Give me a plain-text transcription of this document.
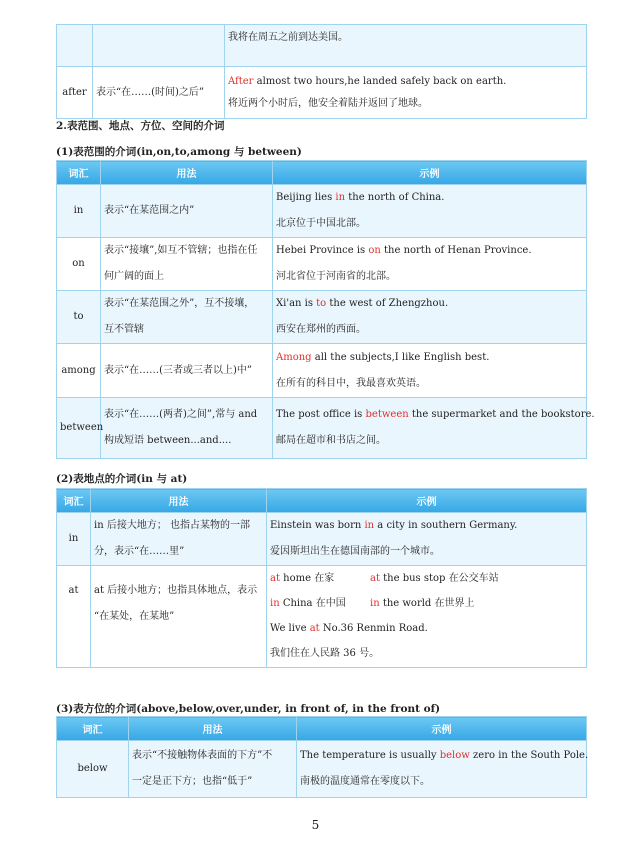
		我将在周五之前到达美国。
after	表示“在……(时间)之后”	After almost two hours,he landed safely back on earth.
将近两个小时后，他安全着陆并返回了地球。
2.表范围、地点、方位、空间的介词
(1)表范围的介词(in,on,to,among 与 between)
词汇	用法	示例
in	表示“在某范围之内”	Beijing lies in the north of China.
北京位于中国北部。
on	表示“接壤”,如互不管辖；也指在任
何广阔的面上	Hebei Province is on the north of Henan Province.
河北省位于河南省的北部。
to	表示“在某范围之外”，互不接壤，
互不管辖	Xi'an is to the west of Zhengzhou.
西安在郑州的西面。
among	表示“在……(三者或三者以上)中”	Among all the subjects,I like English best.
在所有的科目中，我最喜欢英语。
between	表示“在……(两者)之间”,常与 and
构成短语 between...and....	The post office is between the supermarket and the bookstore.
邮局在超市和书店之间。
(2)表地点的介词(in 与 at)
词汇	用法	示例
in	in 后接大地方； 也指占某物的一部
分，表示“在……里”	Einstein was born in a city in southern Germany.
爱因斯坦出生在德国南部的一个城市。
at	at 后接小地方；也指具体地点，表示
“在某处，在某地”	at home 在家 at the bus stop 在公交车站
in China 在中国 in the world 在世界上
We live at No.36 Renmin Road.
我们住在人民路 36 号。
(3)表方位的介词(above,below,over,under, in front of, in the front of)
词汇	用法	示例
below	表示“不接触物体表面的下方”不
一定是正下方；也指“低于”	The temperature is usually below zero in the South Pole.
南极的温度通常在零度以下。
5
